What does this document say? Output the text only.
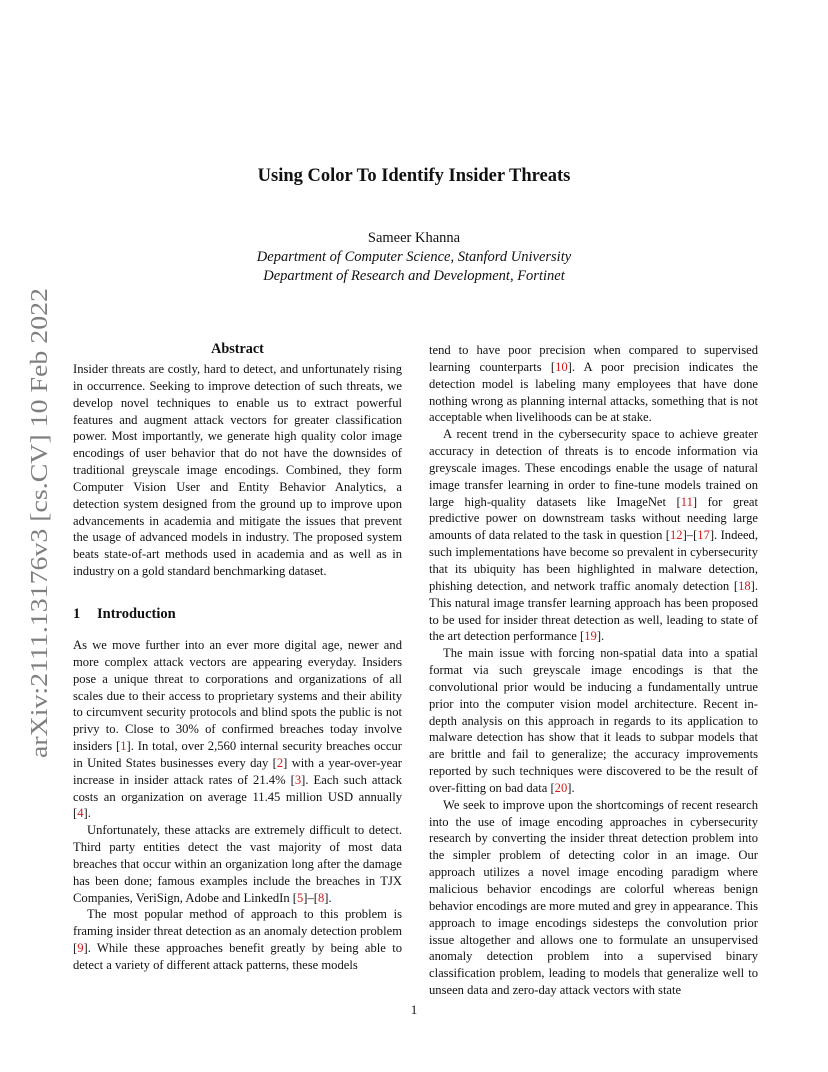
arXiv:2111.13176v3 [cs.CV] 10 Feb 2022
Using Color To Identify Insider Threats
Sameer Khanna
Department of Computer Science, Stanford University
Department of Research and Development, Fortinet
Abstract

Insider threats are costly, hard to detect, and unfortunately rising in occurrence. Seeking to improve detection of such threats, we develop novel techniques to enable us to extract powerful features and augment attack vectors for greater classification power. Most importantly, we generate high quality color image encodings of user behavior that do not have the downsides of traditional greyscale image encodings. Combined, they form Computer Vision User and Entity Behavior Analytics, a detection system designed from the ground up to improve upon advancements in academia and mitigate the issues that prevent the usage of advanced models in industry. The proposed system beats state-of-art methods used in academia and as well as in industry on a gold standard benchmarking dataset.

1 Introduction

As we move further into an ever more digital age, newer and more complex attack vectors are appearing everyday. Insiders pose a unique threat to corporations and organizations of all scales due to their access to proprietary systems and their ability to circumvent security protocols and blind spots the public is not privy to. Close to 30% of confirmed breaches today involve insiders [1]. In total, over 2,560 internal security breaches occur in United States businesses every day [2] with a year-over-year increase in insider attack rates of 21.4% [3]. Each such attack costs an organization on average 11.45 million USD annually [4].

Unfortunately, these attacks are extremely difficult to detect. Third party entities detect the vast majority of most data breaches that occur within an organization long after the damage has been done; famous examples include the breaches in TJX Companies, VeriSign, Adobe and LinkedIn [5]–[8].

The most popular method of approach to this problem is framing insider threat detection as an anomaly detection problem [9]. While these approaches benefit greatly by being able to detect a variety of different attack patterns, these models

tend to have poor precision when compared to supervised learning counterparts [10]. A poor precision indicates the detection model is labeling many employees that have done nothing wrong as planning internal attacks, something that is not acceptable when livelihoods can be at stake.

A recent trend in the cybersecurity space to achieve greater accuracy in detection of threats is to encode information via greyscale images. These encodings enable the usage of natural image transfer learning in order to fine-tune models trained on large high-quality datasets like ImageNet [11] for great predictive power on downstream tasks without needing large amounts of data related to the task in question [12]–[17]. Indeed, such implementations have become so prevalent in cybersecurity that its ubiquity has been highlighted in malware detection, phishing detection, and network traffic anomaly detection [18]. This natural image transfer learning approach has been proposed to be used for insider threat detection as well, leading to state of the art detection performance [19].

The main issue with forcing non-spatial data into a spatial format via such greyscale image encodings is that the convolutional prior would be inducing a fundamentally untrue prior into the computer vision model architecture. Recent in-depth analysis on this approach in regards to its application to malware detection has show that it leads to subpar models that are brittle and fail to generalize; the accuracy improvements reported by such techniques were discovered to be the result of over-fitting on bad data [20].

We seek to improve upon the shortcomings of recent research into the use of image encoding approaches in cybersecurity research by converting the insider threat detection problem into the simpler problem of detecting color in an image. Our approach utilizes a novel image encoding paradigm where malicious behavior encodings are colorful whereas benign behavior encodings are more muted and grey in appearance. This approach to image encodings sidesteps the convolution prior issue altogether and allows one to formulate an unsupervised anomaly detection problem into a supervised binary classification problem, leading to models that generalize well to unseen data and zero-day attack vectors with state

1
